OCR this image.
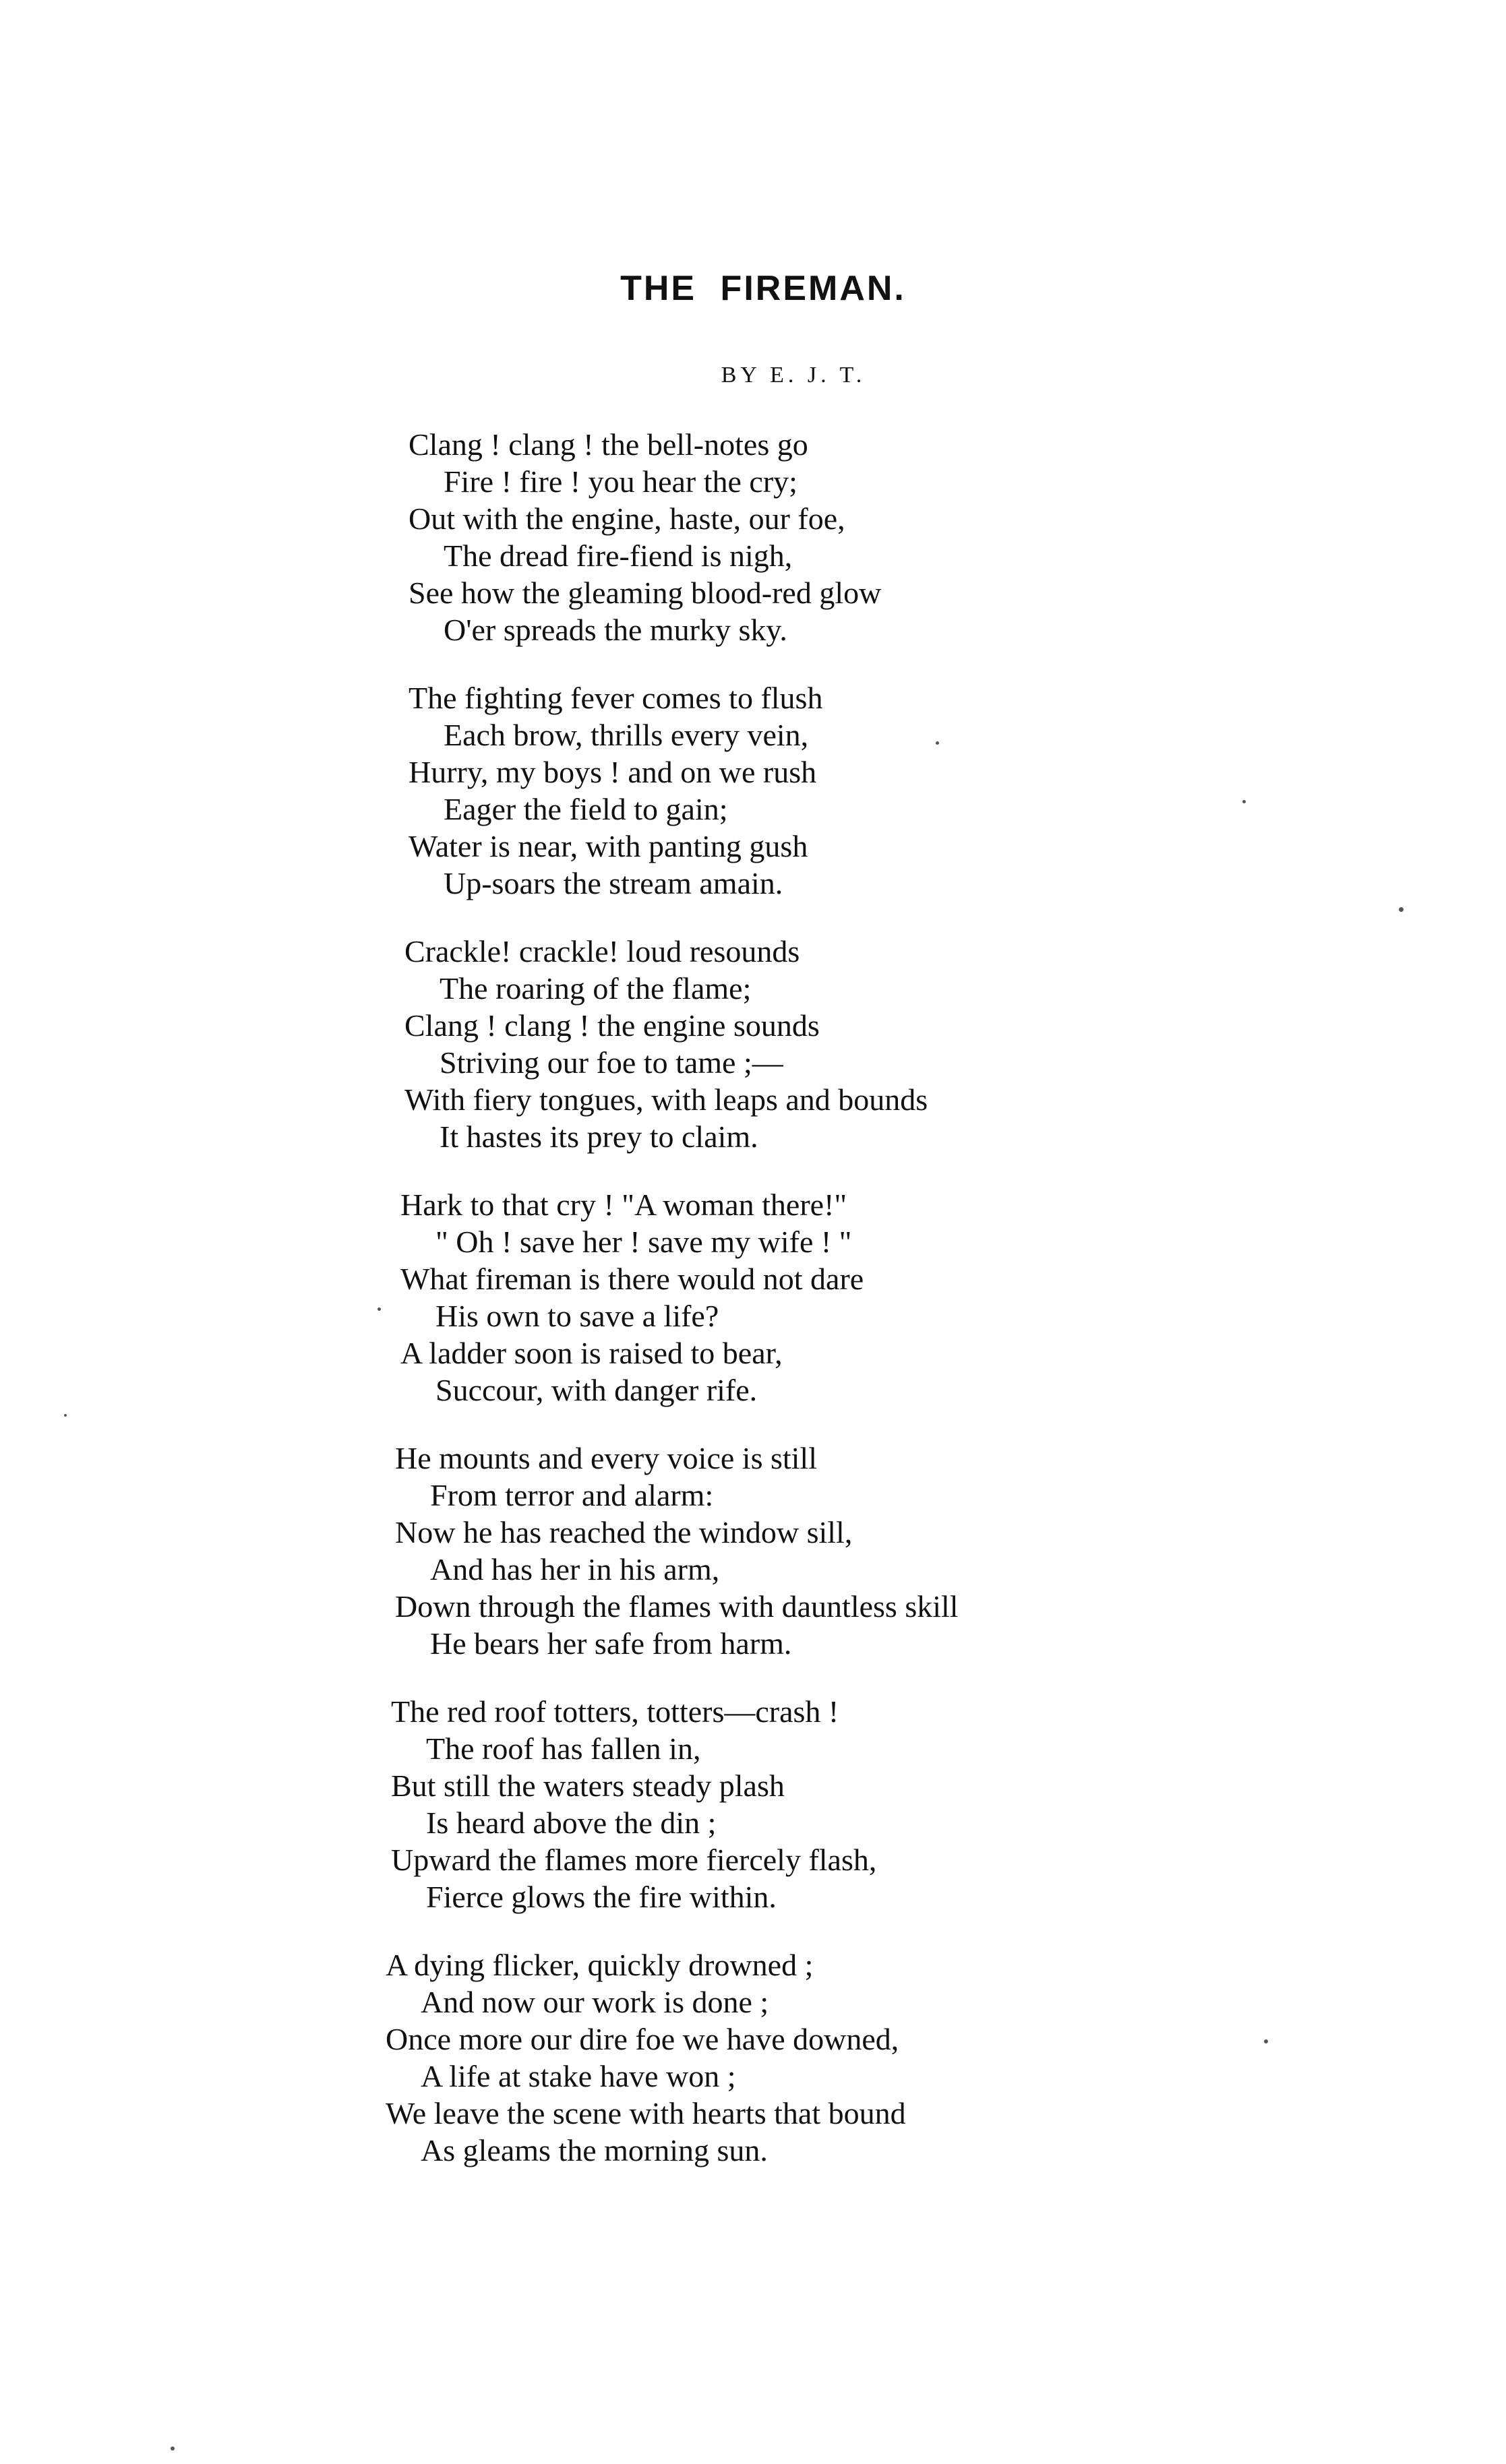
THE FIREMAN.
BY E. J. T.
Clang ! clang ! the bell-notes go
Fire ! fire ! you hear the cry;
Out with the engine, haste, our foe,
The dread fire-fiend is nigh,
See how the gleaming blood-red glow
O'er spreads the murky sky.
The fighting fever comes to flush
Each brow, thrills every vein,
Hurry, my boys ! and on we rush
Eager the field to gain;
Water is near, with panting gush
Up-soars the stream amain.
Crackle! crackle! loud resounds
The roaring of the flame;
Clang ! clang ! the engine sounds
Striving our foe to tame ;—
With fiery tongues, with leaps and bounds
It hastes its prey to claim.
Hark to that cry ! "A woman there!"
" Oh ! save her ! save my wife ! "
What fireman is there would not dare
His own to save a life?
A ladder soon is raised to bear,
Succour, with danger rife.
He mounts and every voice is still
From terror and alarm:
Now he has reached the window sill,
And has her in his arm,
Down through the flames with dauntless skill
He bears her safe from harm.
The red roof totters, totters—crash !
The roof has fallen in,
But still the waters steady plash
Is heard above the din ;
Upward the flames more fiercely flash,
Fierce glows the fire within.
A dying flicker, quickly drowned ;
And now our work is done ;
Once more our dire foe we have downed,
A life at stake have won ;
We leave the scene with hearts that bound
As gleams the morning sun.
